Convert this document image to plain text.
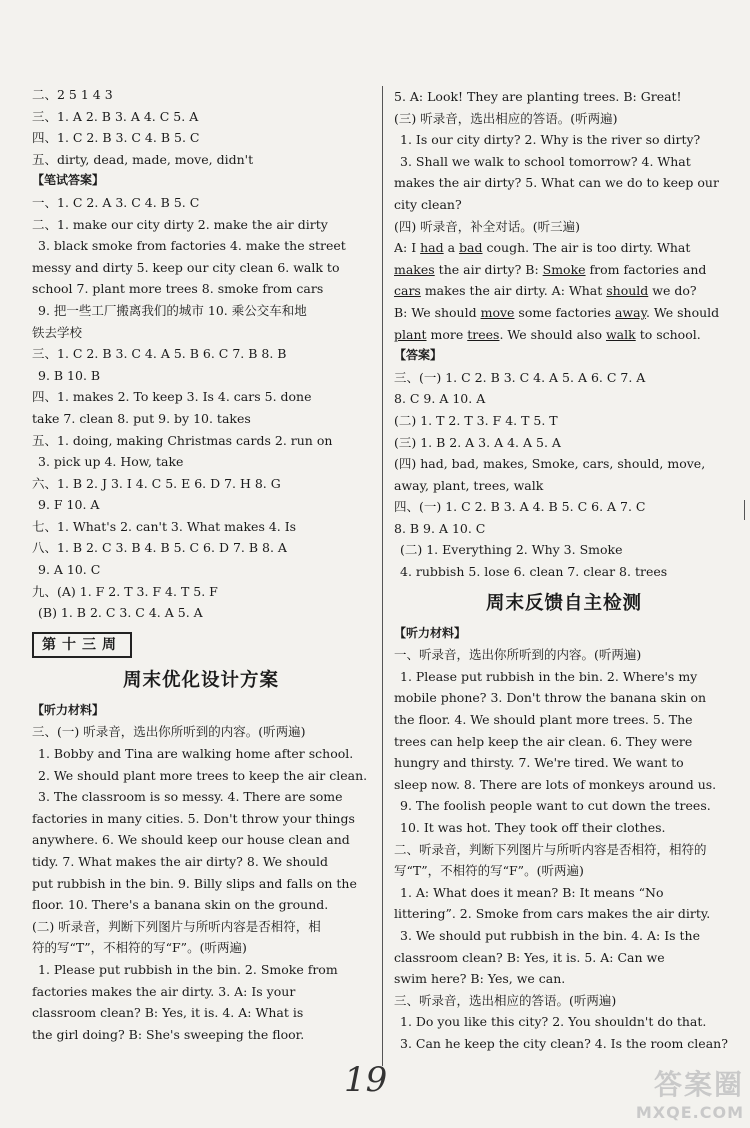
二、2 5 1 4 3
三、1. A 2. B 3. A 4. C 5. A
四、1. C 2. B 3. C 4. B 5. C
五、dirty, dead, made, move, didn't
【笔试答案】
一、1. C 2. A 3. C 4. B 5. C
二、1. make our city dirty 2. make the air dirty
3. black smoke from factories 4. make the street
messy and dirty 5. keep our city clean 6. walk to
school 7. plant more trees 8. smoke from cars
9. 把一些工厂搬离我们的城市 10. 乘公交车和地
铁去学校
三、1. C 2. B 3. C 4. A 5. B 6. C 7. B 8. B
9. B 10. B
四、1. makes 2. To keep 3. Is 4. cars 5. done
take 7. clean 8. put 9. by 10. takes
五、1. doing, making Christmas cards 2. run on
3. pick up 4. How, take
六、1. B 2. J 3. I 4. C 5. E 6. D 7. H 8. G
9. F 10. A
七、1. What's 2. can't 3. What makes 4. Is
八、1. B 2. C 3. B 4. B 5. C 6. D 7. B 8. A
9. A 10. C
九、(A) 1. F 2. T 3. F 4. T 5. F
(B) 1. B 2. C 3. C 4. A 5. A
第十三周
周末优化设计方案
【听力材料】
三、(一) 听录音，选出你所听到的内容。(听两遍)
1. Bobby and Tina are walking home after school.
2. We should plant more trees to keep the air clean.
3. The classroom is so messy. 4. There are some
factories in many cities. 5. Don't throw your things
anywhere. 6. We should keep our house clean and
tidy. 7. What makes the air dirty? 8. We should
put rubbish in the bin. 9. Billy slips and falls on the
floor. 10. There's a banana skin on the ground.
(二) 听录音，判断下列图片与所听内容是否相符，相
符的写“T”，不相符的写“F”。(听两遍)
1. Please put rubbish in the bin. 2. Smoke from
factories makes the air dirty. 3. A: Is your
classroom clean? B: Yes, it is. 4. A: What is
the girl doing? B: She's sweeping the floor.
5. A: Look! They are planting trees. B: Great!
(三) 听录音，选出相应的答语。(听两遍)
1. Is our city dirty? 2. Why is the river so dirty?
3. Shall we walk to school tomorrow? 4. What
makes the air dirty? 5. What can we do to keep our
city clean?
(四) 听录音，补全对话。(听三遍)
A: I had a bad cough. The air is too dirty. What
makes the air dirty? B: Smoke from factories and
cars makes the air dirty. A: What should we do?
B: We should move some factories away. We should
plant more trees. We should also walk to school.
【答案】
三、(一) 1. C 2. B 3. C 4. A 5. A 6. C 7. A
8. C 9. A 10. A
(二) 1. T 2. T 3. F 4. T 5. T
(三) 1. B 2. A 3. A 4. A 5. A
(四) had, bad, makes, Smoke, cars, should, move,
away, plant, trees, walk
四、(一) 1. C 2. B 3. A 4. B 5. C 6. A 7. C
8. B 9. A 10. C
(二) 1. Everything 2. Why 3. Smoke
4. rubbish 5. lose 6. clean 7. clear 8. trees
周末反馈自主检测
【听力材料】
一、听录音，选出你所听到的内容。(听两遍)
1. Please put rubbish in the bin. 2. Where's my
mobile phone? 3. Don't throw the banana skin on
the floor. 4. We should plant more trees. 5. The
trees can help keep the air clean. 6. They were
hungry and thirsty. 7. We're tired. We want to
sleep now. 8. There are lots of monkeys around us.
9. The foolish people want to cut down the trees.
10. It was hot. They took off their clothes.
二、听录音，判断下列图片与所听内容是否相符，相符的
写“T”，不相符的写“F”。(听两遍)
1. A: What does it mean? B: It means “No
littering”. 2. Smoke from cars makes the air dirty.
3. We should put rubbish in the bin. 4. A: Is the
classroom clean? B: Yes, it is. 5. A: Can we
swim here? B: Yes, we can.
三、听录音，选出相应的答语。(听两遍)
1. Do you like this city? 2. You shouldn't do that.
3. Can he keep the city clean? 4. Is the room clean?
19	答案圈
MXQE.COM
